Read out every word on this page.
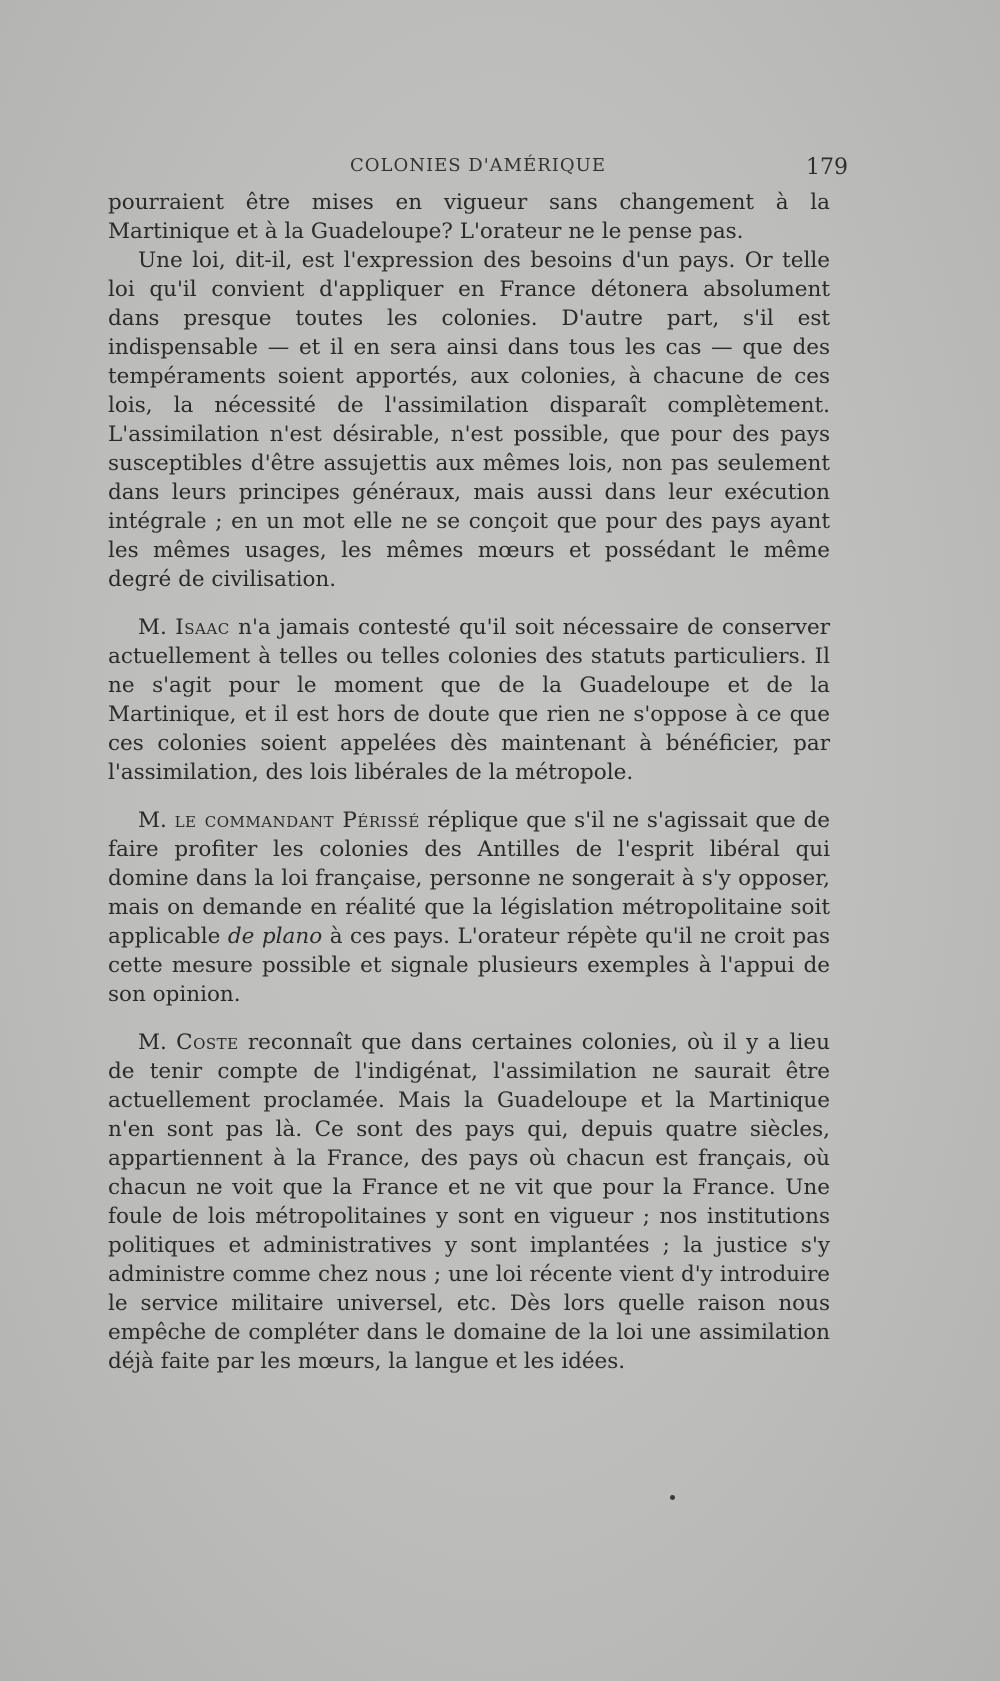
COLONIES D'AMÉRIQUE	179

pourraient être mises en vigueur sans changement à la Martinique et à la Guadeloupe? L'orateur ne le pense pas.

Une loi, dit-il, est l'expression des besoins d'un pays. Or telle loi qu'il convient d'appliquer en France détonera absolument dans presque toutes les colonies. D'autre part, s'il est indispensable — et il en sera ainsi dans tous les cas — que des tempéraments soient apportés, aux colonies, à chacune de ces lois, la nécessité de l'assimilation disparaît complètement. L'assimilation n'est désirable, n'est possible, que pour des pays susceptibles d'être assujettis aux mêmes lois, non pas seulement dans leurs principes généraux, mais aussi dans leur exécution intégrale ; en un mot elle ne se conçoit que pour des pays ayant les mêmes usages, les mêmes mœurs et possédant le même degré de civilisation.

M. Isaac n'a jamais contesté qu'il soit nécessaire de conserver actuellement à telles ou telles colonies des statuts particuliers. Il ne s'agit pour le moment que de la Guadeloupe et de la Martinique, et il est hors de doute que rien ne s'oppose à ce que ces colonies soient appelées dès maintenant à bénéficier, par l'assimilation, des lois libérales de la métropole.

M. le commandant Périssé réplique que s'il ne s'agissait que de faire profiter les colonies des Antilles de l'esprit libéral qui domine dans la loi française, personne ne songerait à s'y opposer, mais on demande en réalité que la législation métropolitaine soit applicable de plano à ces pays. L'orateur répète qu'il ne croit pas cette mesure possible et signale plusieurs exemples à l'appui de son opinion.

M. Coste reconnaît que dans certaines colonies, où il y a lieu de tenir compte de l'indigénat, l'assimilation ne saurait être actuellement proclamée. Mais la Guadeloupe et la Martinique n'en sont pas là. Ce sont des pays qui, depuis quatre siècles, appartiennent à la France, des pays où chacun est français, où chacun ne voit que la France et ne vit que pour la France. Une foule de lois métropolitaines y sont en vigueur ; nos institutions politiques et administratives y sont implantées ; la justice s'y administre comme chez nous ; une loi récente vient d'y introduire le service militaire universel, etc. Dès lors quelle raison nous empêche de compléter dans le domaine de la loi une assimilation déjà faite par les mœurs, la langue et les idées.
